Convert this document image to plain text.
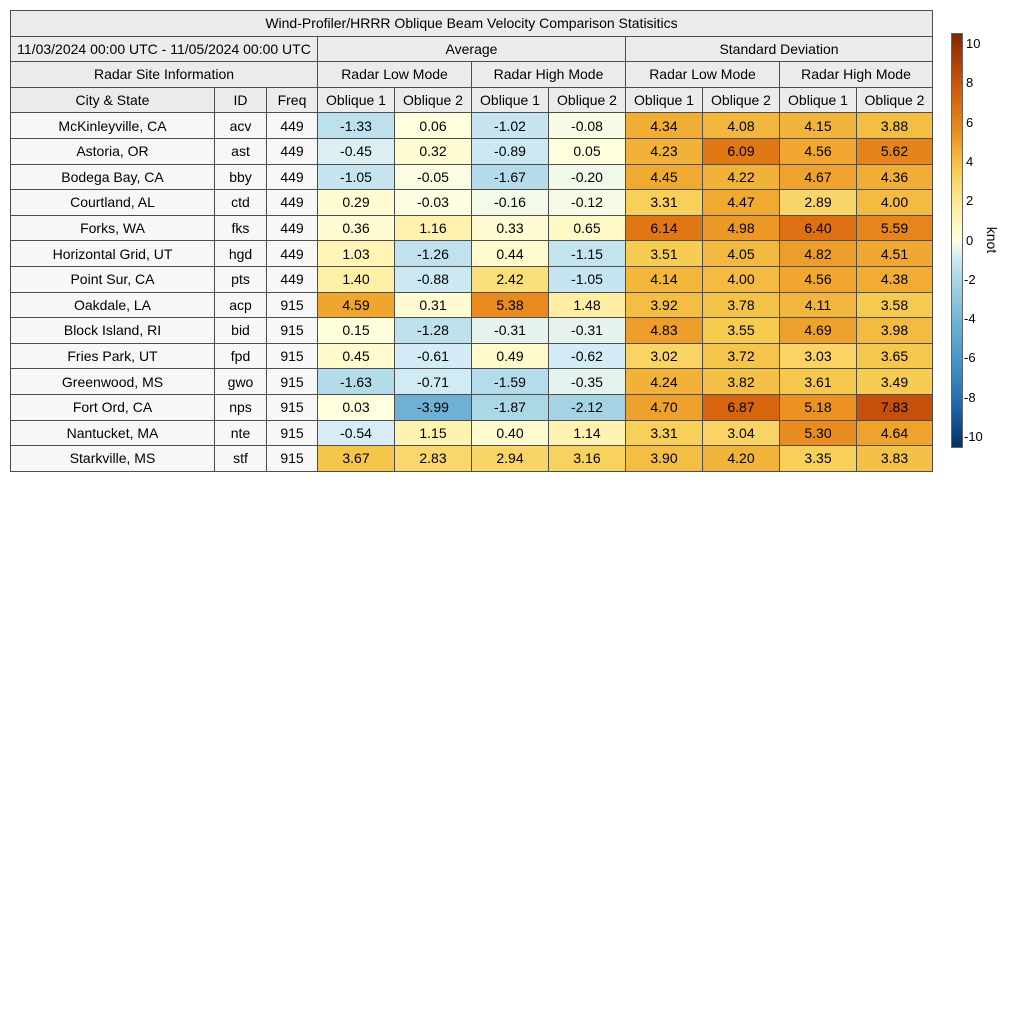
Wind-Profiler/HRRR Oblique Beam Velocity Comparison Statisitics										
11/03/2024 00:00 UTC - 11/05/2024 00:00 UTC			Average				Standard Deviation			
Radar Site Information			Radar Low Mode		Radar High Mode		Radar Low Mode		Radar High Mode	
City & State	ID	Freq	Oblique 1	Oblique 2	Oblique 1	Oblique 2	Oblique 1	Oblique 2	Oblique 1	Oblique 2
McKinleyville, CA	acv	449	-1.33	0.06	-1.02	-0.08	4.34	4.08	4.15	3.88
Astoria, OR	ast	449	-0.45	0.32	-0.89	0.05	4.23	6.09	4.56	5.62
Bodega Bay, CA	bby	449	-1.05	-0.05	-1.67	-0.20	4.45	4.22	4.67	4.36
Courtland, AL	ctd	449	0.29	-0.03	-0.16	-0.12	3.31	4.47	2.89	4.00
Forks, WA	fks	449	0.36	1.16	0.33	0.65	6.14	4.98	6.40	5.59
Horizontal Grid, UT	hgd	449	1.03	-1.26	0.44	-1.15	3.51	4.05	4.82	4.51
Point Sur, CA	pts	449	1.40	-0.88	2.42	-1.05	4.14	4.00	4.56	4.38
Oakdale, LA	acp	915	4.59	0.31	5.38	1.48	3.92	3.78	4.11	3.58
Block Island, RI	bid	915	0.15	-1.28	-0.31	-0.31	4.83	3.55	4.69	3.98
Fries Park, UT	fpd	915	0.45	-0.61	0.49	-0.62	3.02	3.72	3.03	3.65
Greenwood, MS	gwo	915	-1.63	-0.71	-1.59	-0.35	4.24	3.82	3.61	3.49
Fort Ord, CA	nps	915	0.03	-3.99	-1.87	-2.12	4.70	6.87	5.18	7.83
Nantucket, MA	nte	915	-0.54	1.15	0.40	1.14	3.31	3.04	5.30	4.64
Starkville, MS	stf	915	3.67	2.83	2.94	3.16	3.90	4.20	3.35	3.83
10
8
6
4
2
0
-2
-4
-6
-8
-10
knot
